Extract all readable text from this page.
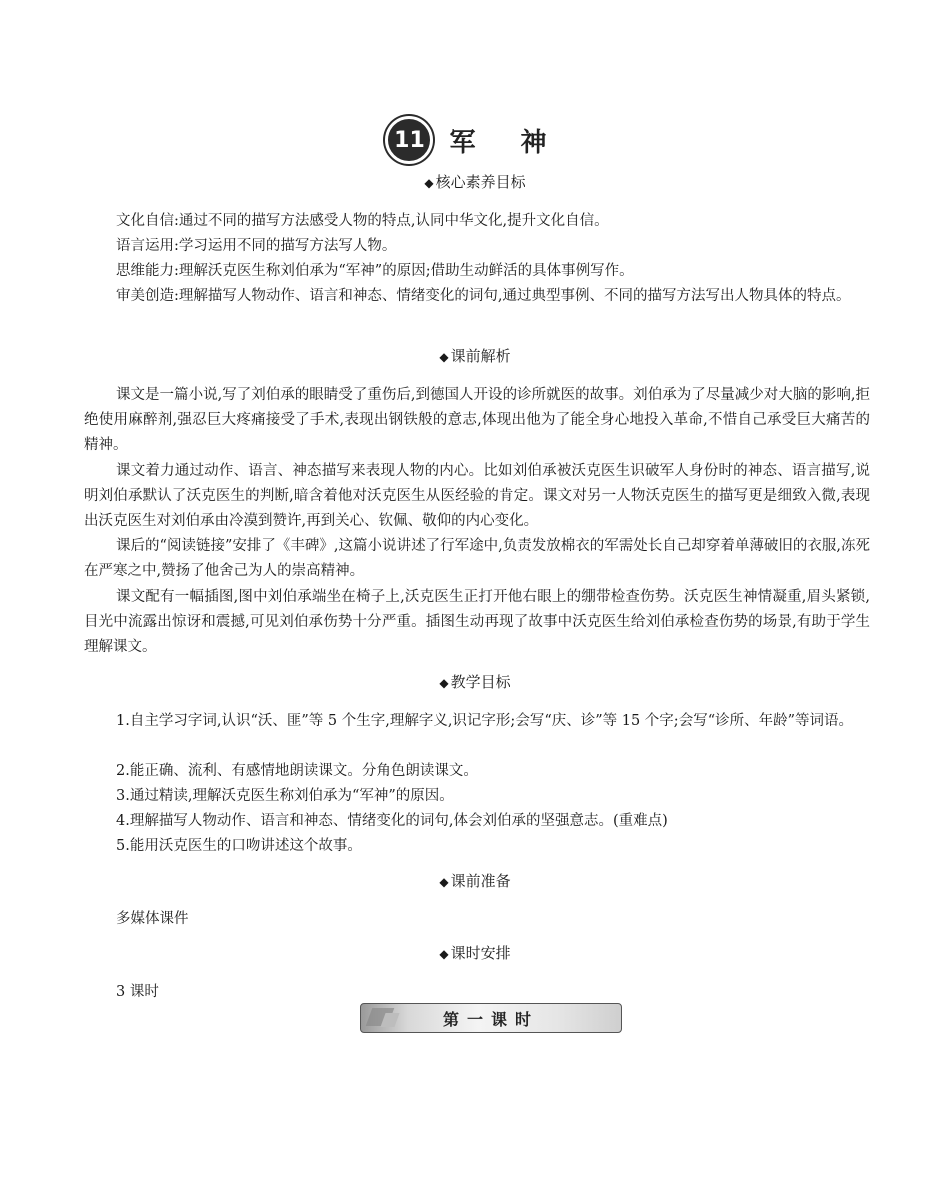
11 军 神
◆ 核心素养目标

文化自信:通过不同的描写方法感受人物的特点,认同中华文化,提升文化自信。

语言运用:学习运用不同的描写方法写人物。

思维能力:理解沃克医生称刘伯承为“军神”的原因;借助生动鲜活的具体事例写作。

审美创造:理解描写人物动作、语言和神态、情绪变化的词句,通过典型事例、不同的描写方法写出人物具体的特点。

◆ 课前解析

课文是一篇小说,写了刘伯承的眼睛受了重伤后,到德国人开设的诊所就医的故事。刘伯承为了尽量减少对大脑的影响,拒绝使用麻醉剂,强忍巨大疼痛接受了手术,表现出钢铁般的意志,体现出他为了能全身心地投入革命,不惜自己承受巨大痛苦的精神。

课文着力通过动作、语言、神态描写来表现人物的内心。比如刘伯承被沃克医生识破军人身份时的神态、语言描写,说明刘伯承默认了沃克医生的判断,暗含着他对沃克医生从医经验的肯定。课文对另一人物沃克医生的描写更是细致入微,表现出沃克医生对刘伯承由冷漠到赞许,再到关心、钦佩、敬仰的内心变化。

课后的“阅读链接”安排了《丰碑》,这篇小说讲述了行军途中,负责发放棉衣的军需处长自己却穿着单薄破旧的衣服,冻死在严寒之中,赞扬了他舍己为人的崇高精神。

课文配有一幅插图,图中刘伯承端坐在椅子上,沃克医生正打开他右眼上的绷带检查伤势。沃克医生神情凝重,眉头紧锁,目光中流露出惊讶和震撼,可见刘伯承伤势十分严重。插图生动再现了故事中沃克医生给刘伯承检查伤势的场景,有助于学生理解课文。

◆ 教学目标

1.自主学习字词,认识“沃、匪”等 5 个生字,理解字义,识记字形;会写“庆、诊”等 15 个字;会写“诊所、年龄”等词语。

2.能正确、流利、有感情地朗读课文。分角色朗读课文。

3.通过精读,理解沃克医生称刘伯承为“军神”的原因。

4.理解描写人物动作、语言和神态、情绪变化的词句,体会刘伯承的坚强意志。(重难点)

5.能用沃克医生的口吻讲述这个故事。

◆ 课前准备

多媒体课件

◆ 课时安排

3 课时

第一课时
